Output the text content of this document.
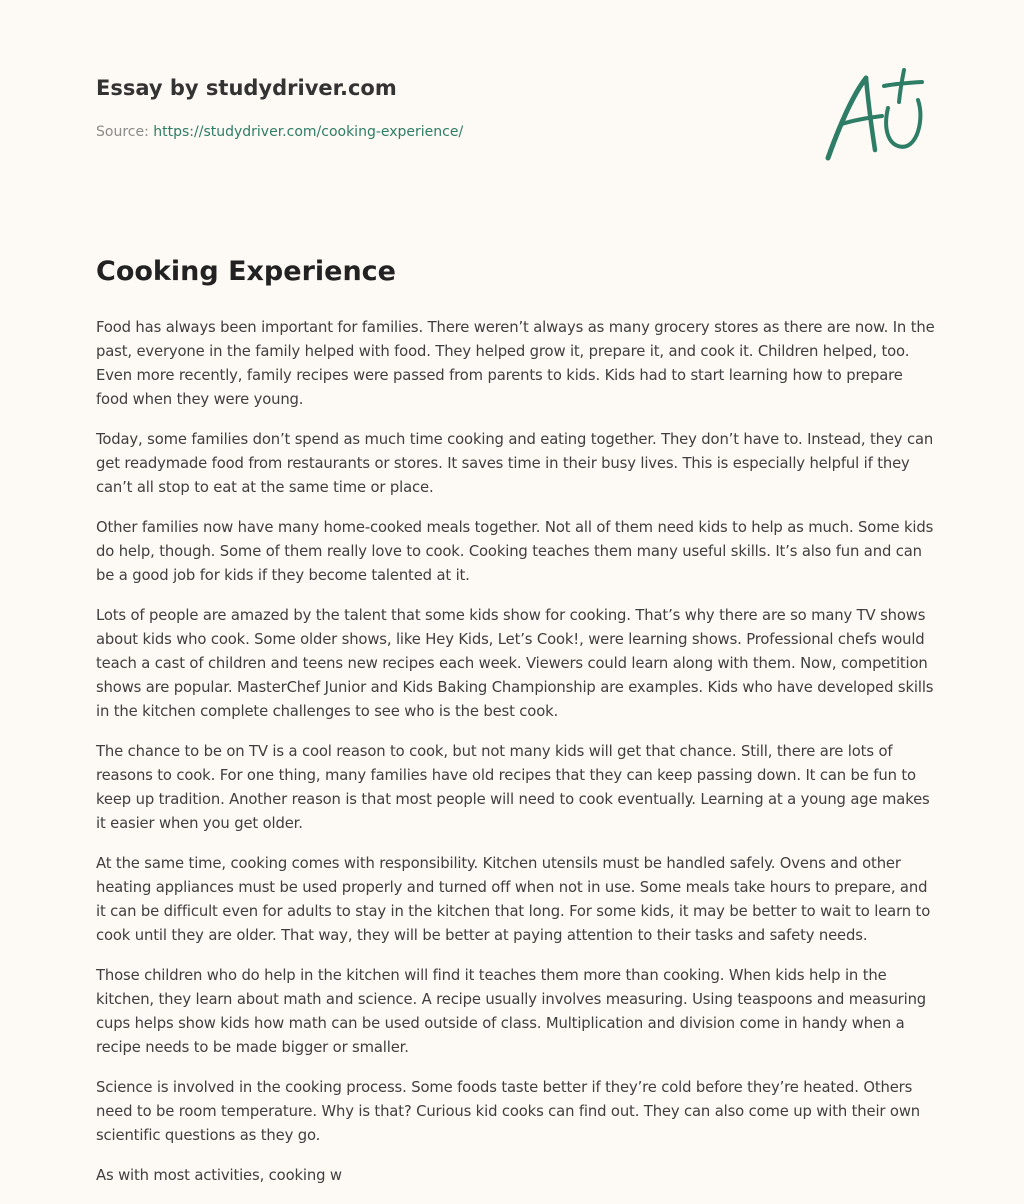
Essay by studydriver.com
Source: https://studydriver.com/cooking-experience/
Cooking Experience

Food has always been important for families. There weren’t always as many grocery stores as there are now. In the past, everyone in the family helped with food. They helped grow it, prepare it, and cook it. Children helped, too. Even more recently, family recipes were passed from parents to kids. Kids had to start learning how to prepare food when they were young.

Today, some families don’t spend as much time cooking and eating together. They don’t have to. Instead, they can get readymade food from restaurants or stores. It saves time in their busy lives. This is especially helpful if they can’t all stop to eat at the same time or place.

Other families now have many home-cooked meals together. Not all of them need kids to help as much. Some kids do help, though. Some of them really love to cook. Cooking teaches them many useful skills. It’s also fun and can be a good job for kids if they become talented at it.

Lots of people are amazed by the talent that some kids show for cooking. That’s why there are so many TV shows about kids who cook. Some older shows, like Hey Kids, Let’s Cook!, were learning shows. Professional chefs would teach a cast of children and teens new recipes each week. Viewers could learn along with them. Now, competition shows are popular. MasterChef Junior and Kids Baking Championship are examples. Kids who have developed skills in the kitchen complete challenges to see who is the best cook.

The chance to be on TV is a cool reason to cook, but not many kids will get that chance. Still, there are lots of reasons to cook. For one thing, many families have old recipes that they can keep passing down. It can be fun to keep up tradition. Another reason is that most people will need to cook eventually. Learning at a young age makes it easier when you get older.

At the same time, cooking comes with responsibility. Kitchen utensils must be handled safely. Ovens and other heating appliances must be used properly and turned off when not in use. Some meals take hours to prepare, and it can be difficult even for adults to stay in the kitchen that long. For some kids, it may be better to wait to learn to cook until they are older. That way, they will be better at paying attention to their tasks and safety needs.

Those children who do help in the kitchen will find it teaches them more than cooking. When kids help in the kitchen, they learn about math and science. A recipe usually involves measuring. Using teaspoons and measuring cups helps show kids how math can be used outside of class. Multiplication and division come in handy when a recipe needs to be made bigger or smaller.

Science is involved in the cooking process. Some foods taste better if they’re cold before they’re heated. Others need to be room temperature. Why is that? Curious kid cooks can find out. They can also come up with their own scientific questions as they go.

As with most activities, cooking w
